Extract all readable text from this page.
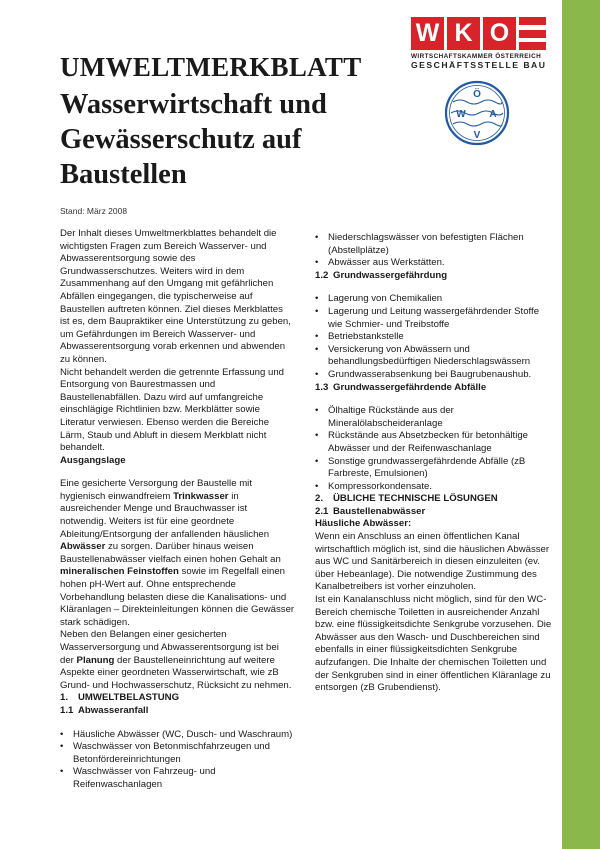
W K O
WIRTSCHAFTSKAMMER ÖSTERREICH
GESCHÄFTSSTELLE BAU
Ö
W A
V
UMWELTMERKBLATT
Wasserwirtschaft und Gewässerschutz auf Baustellen
Stand: März 2008

Der Inhalt dieses Umweltmerkblattes behandelt die wichtigsten Fragen zum Bereich Wasserver- und Abwasserentsorgung sowie des Grundwasserschutzes. Weiters wird in dem Zusammenhang auf den Umgang mit gefährlichen Abfällen eingegangen, die typischerweise auf Baustellen auftreten können. Ziel dieses Merkblattes ist es, dem Baupraktiker eine Unterstützung zu geben, um Gefährdungen im Bereich Wasserver- und Abwasserentsorgung vorab erkennen und abwenden zu können.

Nicht behandelt werden die getrennte Erfassung und Entsorgung von Baurestmassen und Baustellenabfällen. Dazu wird auf umfangreiche einschlägige Richtlinien bzw. Merkblätter sowie Literatur verwiesen. Ebenso werden die Bereiche Lärm, Staub und Abluft in diesem Merkblatt nicht behandelt.

Ausgangslage

Eine gesicherte Versorgung der Baustelle mit hygienisch einwandfreiem Trinkwasser in ausreichender Menge und Brauchwasser ist notwendig. Weiters ist für eine geordnete Ableitung/Entsorgung der anfallenden häuslichen Abwässer zu sorgen. Darüber hinaus weisen Baustellenabwässer vielfach einen hohen Gehalt an mineralischen Feinstoffen sowie im Regelfall einen hohen pH-Wert auf. Ohne entsprechende Vorbehandlung belasten diese die Kanalisations- und Kläranlagen – Direkteinleitungen können die Gewässer stark schädigen.

Neben den Belangen einer gesicherten Wasserversorgung und Abwasserentsorgung ist bei der Planung der Baustelleneinrichtung auf weitere Aspekte einer geordneten Wasserwirtschaft, wie zB Grund- und Hochwasserschutz, Rücksicht zu nehmen.

1. UMWELTBELASTUNG

1.1 Abwasseranfall

• Häusliche Abwässer (WC, Dusch- und Waschraum)
• Waschwässer von Betonmischfahrzeugen und Betonfördereinrichtungen
• Waschwässer von Fahrzeug- und Reifenwaschanlagen
• Niederschlagswässer von befestigten Flächen (Abstellplätze)
• Abwässer aus Werkstätten.

1.2 Grundwassergefährdung

• Lagerung von Chemikalien
• Lagerung und Leitung wassergefährdender Stoffe wie Schmier- und Treibstoffe
• Betriebstankstelle
• Versickerung von Abwässern und behandlungsbedürftigen Niederschlagswässern
• Grundwasserabsenkung bei Baugrubenaushub.

1.3 Grundwassergefährdende Abfälle

• Ölhaltige Rückstände aus der Mineralölabscheideranlage
• Rückstände aus Absetzbecken für betonhältige Abwässer und der Reifenwaschanlage
• Sonstige grundwassergefährdende Abfälle (zB Farbreste, Emulsionen)
• Kompressorkondensate.

2. ÜBLICHE TECHNISCHE LÖSUNGEN

2.1 Baustellenabwässer

Häusliche Abwässer:

Wenn ein Anschluss an einen öffentlichen Kanal wirtschaftlich möglich ist, sind die häuslichen Abwässer aus WC und Sanitärbereich in diesen einzuleiten (ev. über Hebeanlage). Die notwendige Zustimmung des Kanalbetreibers ist vorher einzuholen.

Ist ein Kanalanschluss nicht möglich, sind für den WC-Bereich chemische Toiletten in ausreichender Anzahl bzw. eine flüssigkeitsdichte Senkgrube vorzusehen. Die Abwässer aus den Wasch- und Duschbereichen sind ebenfalls in einer flüssigkeitsdichten Senkgrube aufzufangen. Die Inhalte der chemischen Toiletten und der Senkgruben sind in einer öffentlichen Kläranlage zu entsorgen (zB Grubendienst).
